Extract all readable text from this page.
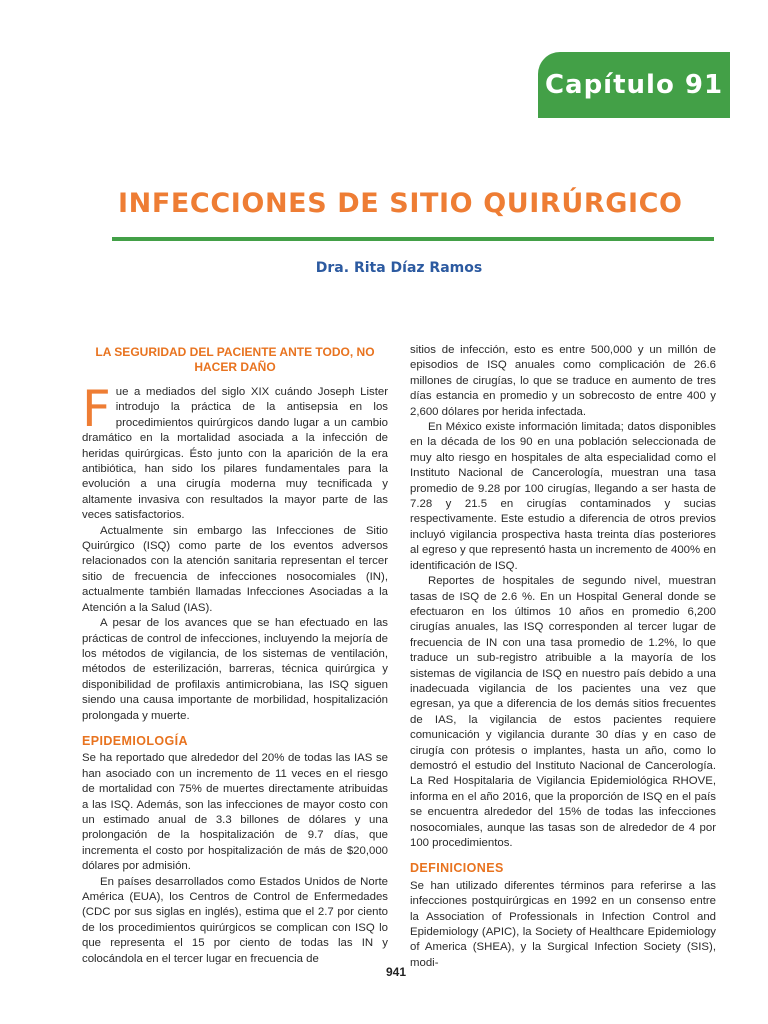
Capítulo 91
INFECCIONES DE SITIO QUIRÚRGICO
Dra. Rita Díaz Ramos
LA SEGURIDAD DEL PACIENTE ANTE TODO, NO HACER DAÑO

Fue a mediados del siglo XIX cuándo Joseph Lister introdujo la práctica de la antisepsia en los procedimientos quirúrgicos dando lugar a un cambio dramático en la mortalidad asociada a la infección de heridas quirúrgicas. Ésto junto con la aparición de la era antibiótica, han sido los pilares fundamentales para la evolución a una cirugía moderna muy tecnificada y altamente invasiva con resultados la mayor parte de las veces satisfactorios.

Actualmente sin embargo las Infecciones de Sitio Quirúrgico (ISQ) como parte de los eventos adversos relacionados con la atención sanitaria representan el tercer sitio de frecuencia de infecciones nosocomiales (IN), actualmente también llamadas Infecciones Asociadas a la Atención a la Salud (IAS).

A pesar de los avances que se han efectuado en las prácticas de control de infecciones, incluyendo la mejoría de los métodos de vigilancia, de los sistemas de ventilación, métodos de esterilización, barreras, técnica quirúrgica y disponibilidad de profilaxis antimicrobiana, las ISQ siguen siendo una causa importante de morbilidad, hospitalización prolongada y muerte.

EPIDEMIOLOGÍA

Se ha reportado que alrededor del 20% de todas las IAS se han asociado con un incremento de 11 veces en el riesgo de mortalidad con 75% de muertes directamente atribuidas a las ISQ. Además, son las infecciones de mayor costo con un estimado anual de 3.3 billones de dólares y una prolongación de la hospitalización de 9.7 días, que incrementa el costo por hospitalización de más de $20,000 dólares por admisión.

En países desarrollados como Estados Unidos de Norte América (EUA), los Centros de Control de Enfermedades (CDC por sus siglas en inglés), estima que el 2.7 por ciento de los procedimientos quirúrgicos se complican con ISQ lo que representa el 15 por ciento de todas las IN y colocándola en el tercer lugar en frecuencia de

sitios de infección, esto es entre 500,000 y un millón de episodios de ISQ anuales como complicación de 26.6 millones de cirugías, lo que se traduce en aumento de tres días estancia en promedio y un sobrecosto de entre 400 y 2,600 dólares por herida infectada.

En México existe información limitada; datos disponibles en la década de los 90 en una población seleccionada de muy alto riesgo en hospitales de alta especialidad como el Instituto Nacional de Cancerología, muestran una tasa promedio de 9.28 por 100 cirugías, llegando a ser hasta de 7.28 y 21.5 en cirugías contaminados y sucias respectivamente. Este estudio a diferencia de otros previos incluyó vigilancia prospectiva hasta treinta días posteriores al egreso y que representó hasta un incremento de 400% en identificación de ISQ.

Reportes de hospitales de segundo nivel, muestran tasas de ISQ de 2.6 %. En un Hospital General donde se efectuaron en los últimos 10 años en promedio 6,200 cirugías anuales, las ISQ corresponden al tercer lugar de frecuencia de IN con una tasa promedio de 1.2%, lo que traduce un sub-registro atribuible a la mayoría de los sistemas de vigilancia de ISQ en nuestro país debido a una inadecuada vigilancia de los pacientes una vez que egresan, ya que a diferencia de los demás sitios frecuentes de IAS, la vigilancia de estos pacientes requiere comunicación y vigilancia durante 30 días y en caso de cirugía con prótesis o implantes, hasta un año, como lo demostró el estudio del Instituto Nacional de Cancerología. La Red Hospitalaria de Vigilancia Epidemiológica RHOVE, informa en el año 2016, que la proporción de ISQ en el país se encuentra alrededor del 15% de todas las infecciones nosocomiales, aunque las tasas son de alrededor de 4 por 100 procedimientos.

DEFINICIONES

Se han utilizado diferentes términos para referirse a las infecciones postquirúrgicas en 1992 en un consenso entre la Association of Professionals in Infection Control and Epidemiology (APIC), la Society of Healthcare Epidemiology of America (SHEA), y la Surgical Infection Society (SIS), modi-

941
